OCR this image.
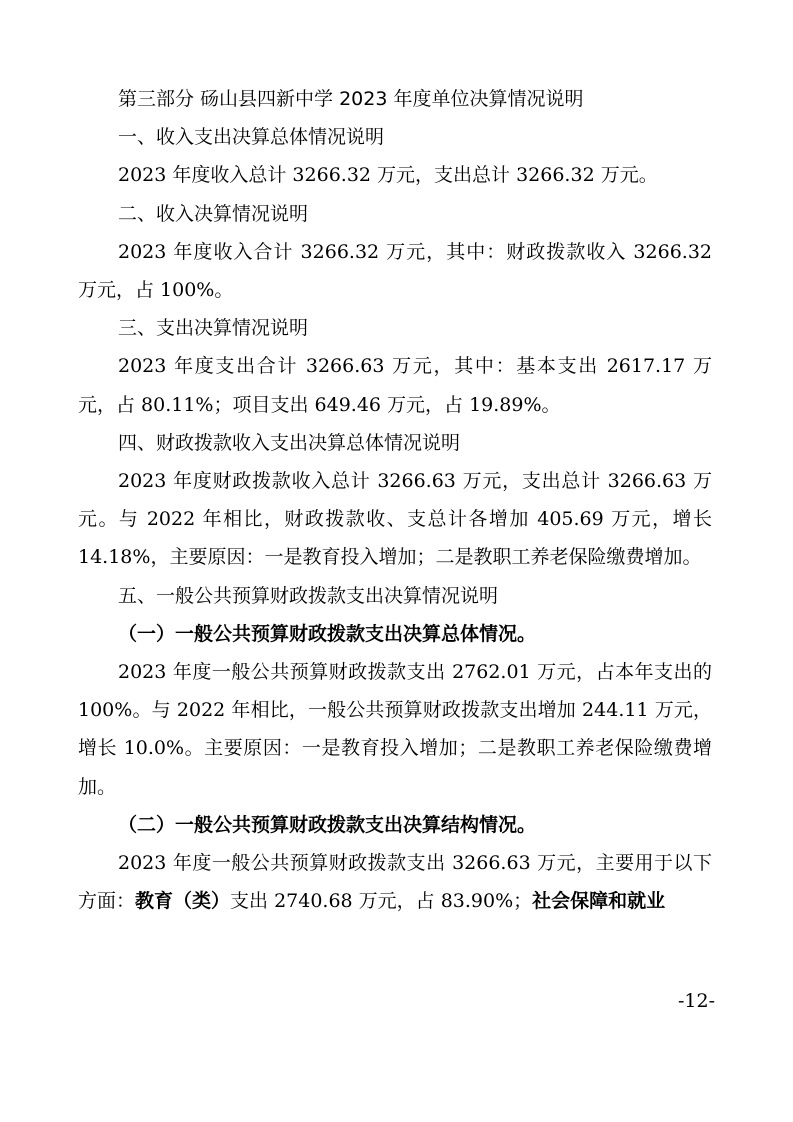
第三部分 砀山县四新中学 2023 年度单位决算情况说明
一、收入支出决算总体情况说明
2023 年度收入总计 3266.32 万元，支出总计 3266.32 万元。
二、收入决算情况说明
2023 年度收入合计 3266.32 万元，其中：财政拨款收入 3266.32 万元，占 100%。
三、支出决算情况说明
2023 年度支出合计 3266.63 万元，其中：基本支出 2617.17 万元，占 80.11%；项目支出 649.46 万元，占 19.89%。
四、财政拨款收入支出决算总体情况说明
2023 年度财政拨款收入总计 3266.63 万元，支出总计 3266.63 万元。与 2022 年相比，财政拨款收、支总计各增加 405.69 万元，增长 14.18%，主要原因：一是教育投入增加；二是教职工养老保险缴费增加。
五、一般公共预算财政拨款支出决算情况说明
（一）一般公共预算财政拨款支出决算总体情况。
2023 年度一般公共预算财政拨款支出 2762.01 万元，占本年支出的 100%。与 2022 年相比，一般公共预算财政拨款支出增加 244.11 万元，增长 10.0%。主要原因：一是教育投入增加；二是教职工养老保险缴费增加。
（二）一般公共预算财政拨款支出决算结构情况。
2023 年度一般公共预算财政拨款支出 3266.63 万元，主要用于以下方面：教育（类）支出 2740.68 万元，占 83.90%；社会保障和就业
-12-
